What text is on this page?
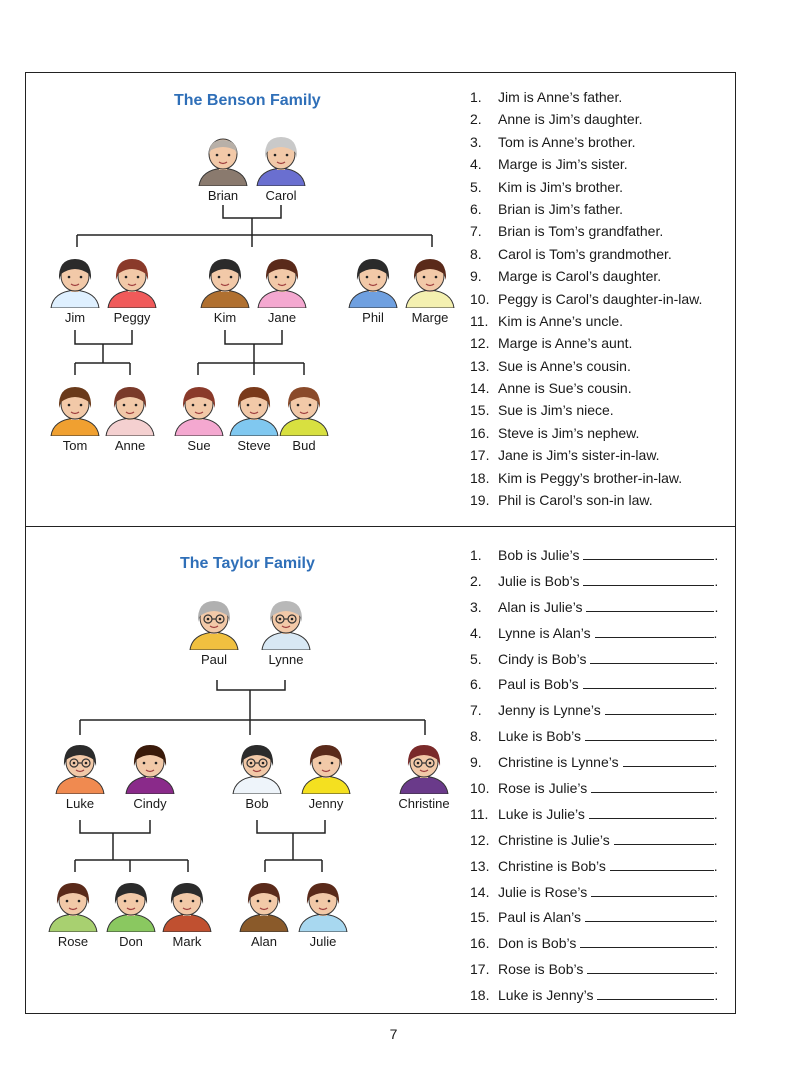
The Benson Family
Brian	Carol
Jim	Peggy	Kim	Jane	Phil	Marge
Tom	Anne	Sue	Steve	Bud
1. Jim is Anne’s father.
2. Anne is Jim’s daughter.
3. Tom is Anne’s brother.
4. Marge is Jim’s sister.
5. Kim is Jim’s brother.
6. Brian is Jim’s father.
7. Brian is Tom’s grandfather.
8. Carol is Tom’s grandmother.
9. Marge is Carol’s daughter.
10. Peggy is Carol’s daughter-in-law.
11. Kim is Anne’s uncle.
12. Marge is Anne’s aunt.
13. Sue is Anne’s cousin.
14. Anne is Sue’s cousin.
15. Sue is Jim’s niece.
16. Steve is Jim’s nephew.
17. Jane is Jim’s sister-in-law.
18. Kim is Peggy’s brother-in-law.
19. Phil is Carol’s son-in law.
The Taylor Family
Paul	Lynne
Luke	Cindy	Bob	Jenny	Christine
Rose	Don	Mark	Alan	Julie
1. Bob is Julie’s	.
2. Julie is Bob’s	.
3. Alan is Julie’s	.
4. Lynne is Alan’s	.
5. Cindy is Bob’s	.
6. Paul is Bob’s	.
7. Jenny is Lynne’s	.
8. Luke is Bob’s	.
9. Christine is Lynne’s	.
10. Rose is Julie’s	.
11. Luke is Julie’s	.
12. Christine is Julie’s	.
13. Christine is Bob’s	.
14. Julie is Rose’s	.
15. Paul is Alan’s	.
16. Don is Bob’s	.
17. Rose is Bob’s	.
18. Luke is Jenny’s	.
7
